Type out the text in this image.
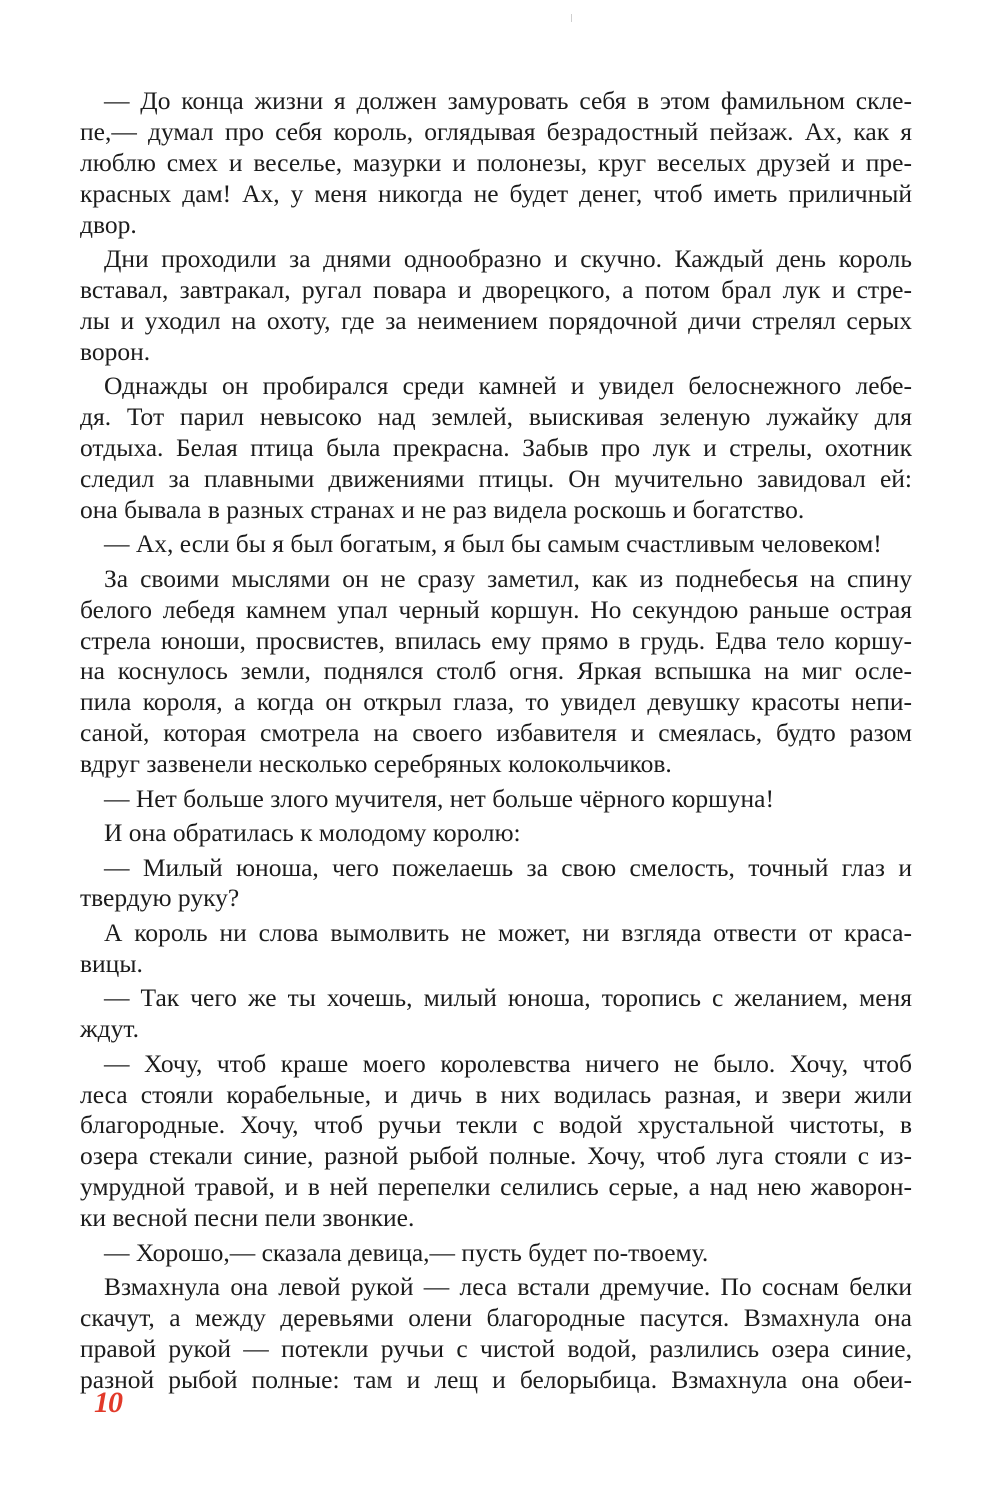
— До конца жизни я должен замуровать себя в этом фамильном скле-
пе,— думал про себя король, оглядывая безрадостный пейзаж. Ах, как я
люблю смех и веселье, мазурки и полонезы, круг веселых друзей и пре-
красных дам! Ах, у меня никогда не будет денег, чтоб иметь приличный
двор.
Дни проходили за днями однообразно и скучно. Каждый день король
вставал, завтракал, ругал повара и дворецкого, а потом брал лук и стре-
лы и уходил на охоту, где за неимением порядочной дичи стрелял серых
ворон.
Однажды он пробирался среди камней и увидел белоснежного лебе-
дя. Тот парил невысоко над землей, выискивая зеленую лужайку для
отдыха. Белая птица была прекрасна. Забыв про лук и стрелы, охотник
следил за плавными движениями птицы. Он мучительно завидовал ей:
она бывала в разных странах и не раз видела роскошь и богатство.
— Ах, если бы я был богатым, я был бы самым счастливым человеком!
За своими мыслями он не сразу заметил, как из поднебесья на спину
белого лебедя камнем упал черный коршун. Но секундою раньше острая
стрела юноши, просвистев, впилась ему прямо в грудь. Едва тело коршу-
на коснулось земли, поднялся столб огня. Яркая вспышка на миг осле-
пила короля, а когда он открыл глаза, то увидел девушку красоты непи-
саной, которая смотрела на своего избавителя и смеялась, будто разом
вдруг зазвенели несколько серебряных колокольчиков.
— Нет больше злого мучителя, нет больше чёрного коршуна!
И она обратилась к молодому королю:
— Милый юноша, чего пожелаешь за свою смелость, точный глаз и
твердую руку?
А король ни слова вымолвить не может, ни взгляда отвести от краса-
вицы.
— Так чего же ты хочешь, милый юноша, торопись с желанием, меня
ждут.
— Хочу, чтоб краше моего королевства ничего не было. Хочу, чтоб
леса стояли корабельные, и дичь в них водилась разная, и звери жили
благородные. Хочу, чтоб ручьи текли с водой хрустальной чистоты, в
озера стекали синие, разной рыбой полные. Хочу, чтоб луга стояли с из-
умрудной травой, и в ней перепелки селились серые, а над нею жаворон-
ки весной песни пели звонкие.
— Хорошо,— сказала девица,— пусть будет по-твоему.
Взмахнула она левой рукой — леса встали дремучие. По соснам белки
скачут, а между деревьями олени благородные пасутся. Взмахнула она
правой рукой — потекли ручьи с чистой водой, разлились озера синие,
разной рыбой полные: там и лещ и белорыбица. Взмахнула она обеи-
10
